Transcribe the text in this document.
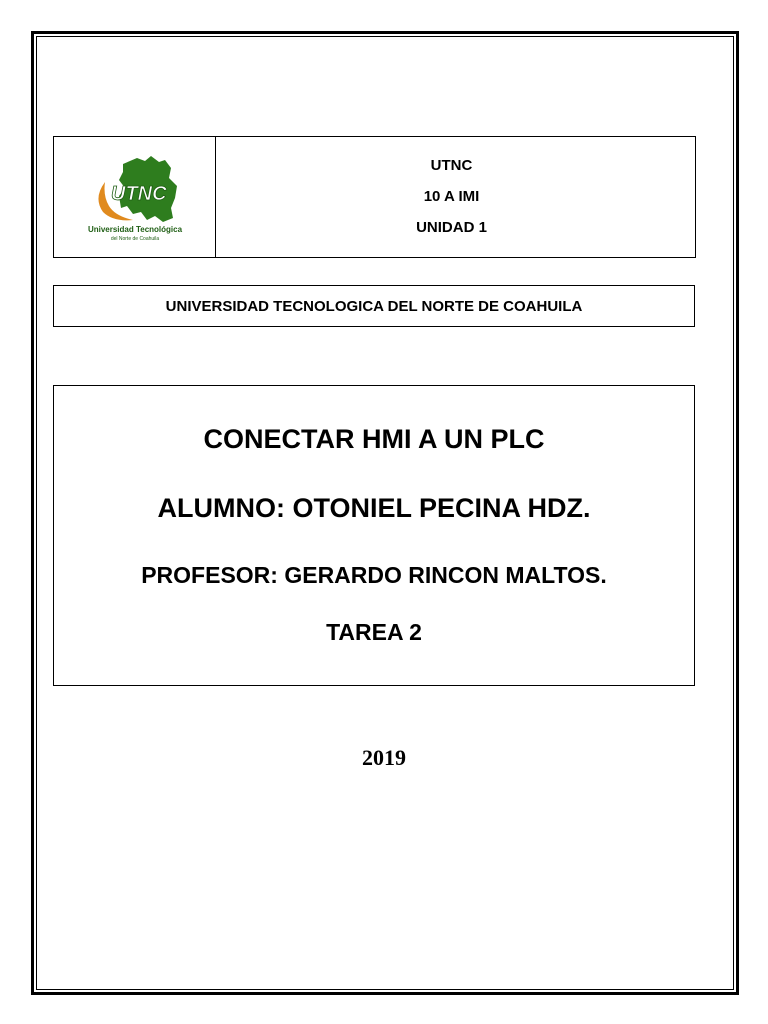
UTNC
Universidad Tecnológica
del Norte de Coahuila
UTNC
10 A IMI
UNIDAD 1
UNIVERSIDAD TECNOLOGICA DEL NORTE DE COAHUILA
CONECTAR HMI A UN PLC
ALUMNO: OTONIEL PECINA HDZ.
PROFESOR: GERARDO RINCON MALTOS.
TAREA 2
2019
